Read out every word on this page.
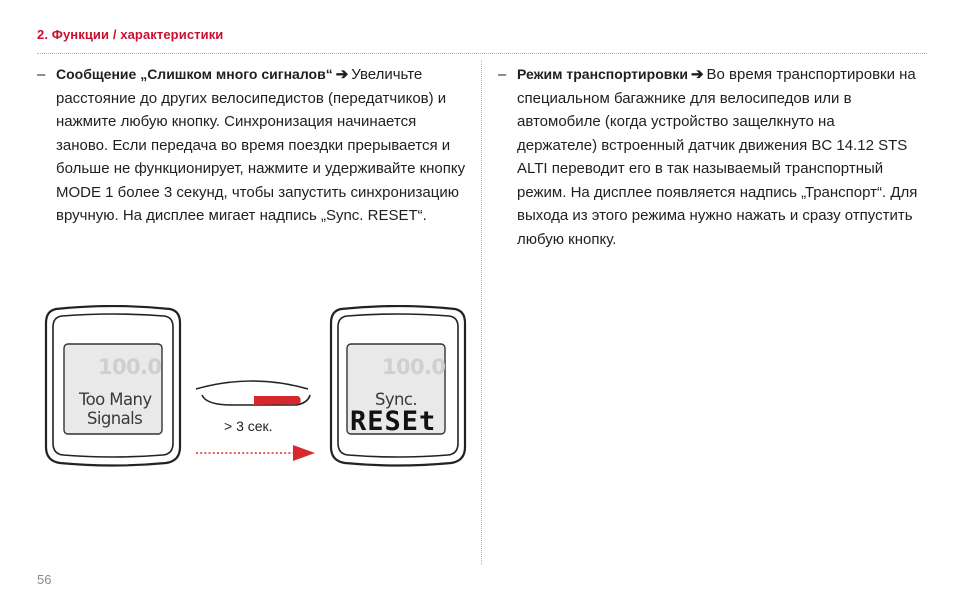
2. Функции / характеристики

– Сообщение „Слишком много сигналов“ ➔ Увеличьте расстояние до других велосипедистов (передатчиков) и нажмите любую кнопку. Синхронизация начинается заново. Если передача во время поездки прерывается и больше не функционирует, нажмите и удерживайте кнопку MODE 1 более 3 секунд, чтобы запустить синхронизацию вручную. На дисплее мигает надпись „Sync. RESET“.

– Режим транспортировки ➔ Во время транспортировки на специальном багажнике для велосипедов или в автомобиле (когда устройство защелкнуто на держателе) встроенный датчик движения BC 14.12 STS ALTI переводит его в так называемый транспортный режим. На дисплее появляется надпись „Транспорт“. Для выхода из этого режима нужно нажать и сразу отпустить любую кнопку.

100.0
Too Many
Signals	> 3 сек.
100.0
Sync.
RESEt
56
